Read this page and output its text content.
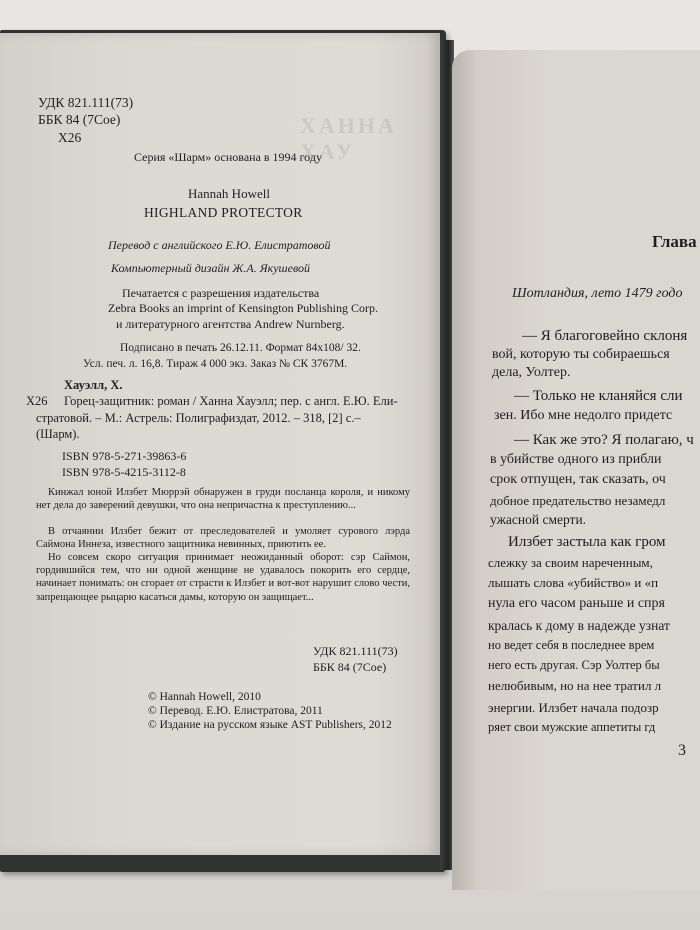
ХАННА ХАУ
УДК 821.111(73)
ББК 84 (7Сое)
X26
Серия «Шарм» основана в 1994 году
Hannah Howell
HIGHLAND PROTECTOR
Перевод с английского Е.Ю. Елистратовой
Компьютерный дизайн Ж.А. Якушевой
Печатается с разрешения издательства
Zebra Books an imprint of Kensington Publishing Corp.
и литературного агентства Andrew Nurnberg.
Подписано в печать 26.12.11. Формат 84x108/ 32.
Усл. печ. л. 16,8. Тираж 4 000 экз. Заказ № СК 3767М.
Хауэлл, Х.
X26 Горец-защитник: роман / Ханна Хауэлл; пер. с англ. Е.Ю. Ели-
стратовой. – М.: Астрель: Полиграфиздат, 2012. – 318, [2] с.–
(Шарм).
ISBN 978-5-271-39863-6
ISBN 978-5-4215-3112-8
Кинжал юной Илзбет Мюррэй обнаружен в груди посланца короля, и никому нет дела до заверений девушки, что она непричастна к преступлению...
В отчаянии Илзбет бежит от преследователей и умоляет сурового лэрда Саймона Иннеза, известного защитника невинных, приютить ее.
Но совсем скоро ситуация принимает неожиданный оборот: сэр Саймон, гордившийся тем, что ни одной женщине не удавалось покорить его сердце, начинает понимать: он сгорает от страсти к Илзбет и вот-вот нарушит слово чести, запрещающее рыцарю касаться дамы, которую он защищает...
УДК 821.111(73)
ББК 84 (7Сое)
© Hannah Howell, 2010
© Перевод. Е.Ю. Елистратова, 2011
© Издание на русском языке AST Publishers, 2012
Глава
Шотландия, лето 1479 годо
— Я благоговейно склоня
вой, которую ты собираешься
дела, Уолтер.
— Только не кланяйся сли
зен. Ибо мне недолго придетс
— Как же это? Я полагаю, ч
в убийстве одного из прибли
срок отпущен, так сказать, оч
добное предательство незамедл
ужасной смерти.
Илзбет застыла как гром
слежку за своим нареченным,
лышать слова «убийство» и «п
нула его часом раньше и спря
кралась к дому в надежде узнат
но ведет себя в последнее врем
него есть другая. Сэр Уолтер бы
нелюбивым, но на нее тратил л
энергии. Илзбет начала подозр
ряет свои мужские аппетиты гд
3
